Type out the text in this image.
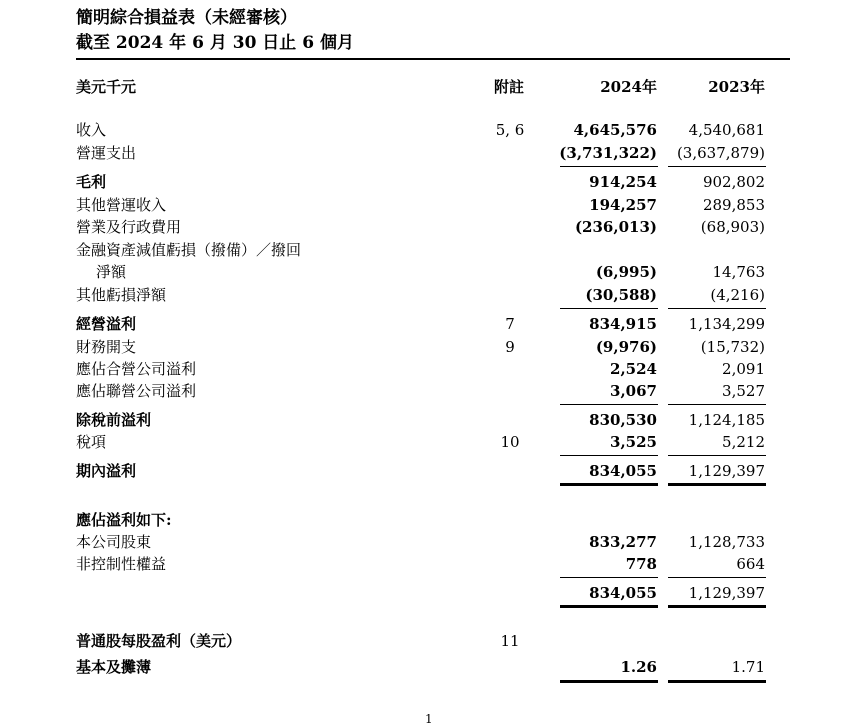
簡明綜合損益表（未經審核）
截至 2024 年 6 月 30 日止 6 個月
美元千元	附註	2024年	2023年
收入	5, 6	4,645,576 4,540,681
營運支出	(3,731,322) (3,637,879)
毛利	914,254	902,802
其他營運收入	194,257	289,853
營業及行政費用	(236,013)	(68,903)
金融資產減值虧損（撥備）／撥回
淨額	(6,995)	14,763
其他虧損淨額	(30,588)	(4,216)
經營溢利	7	834,915 1,134,299
財務開支	9	(9,976)	(15,732)
應佔合營公司溢利	2,524	2,091
應佔聯營公司溢利	3,067	3,527
除稅前溢利	830,530 1,124,185
稅項	10	3,525	5,212
期內溢利	834,055 1,129,397
應佔溢利如下:
本公司股東	833,277 1,128,733
非控制性權益	778	664
834,055 1,129,397
普通股每股盈利（美元）	11
基本及攤薄	1.26	1.71
1
